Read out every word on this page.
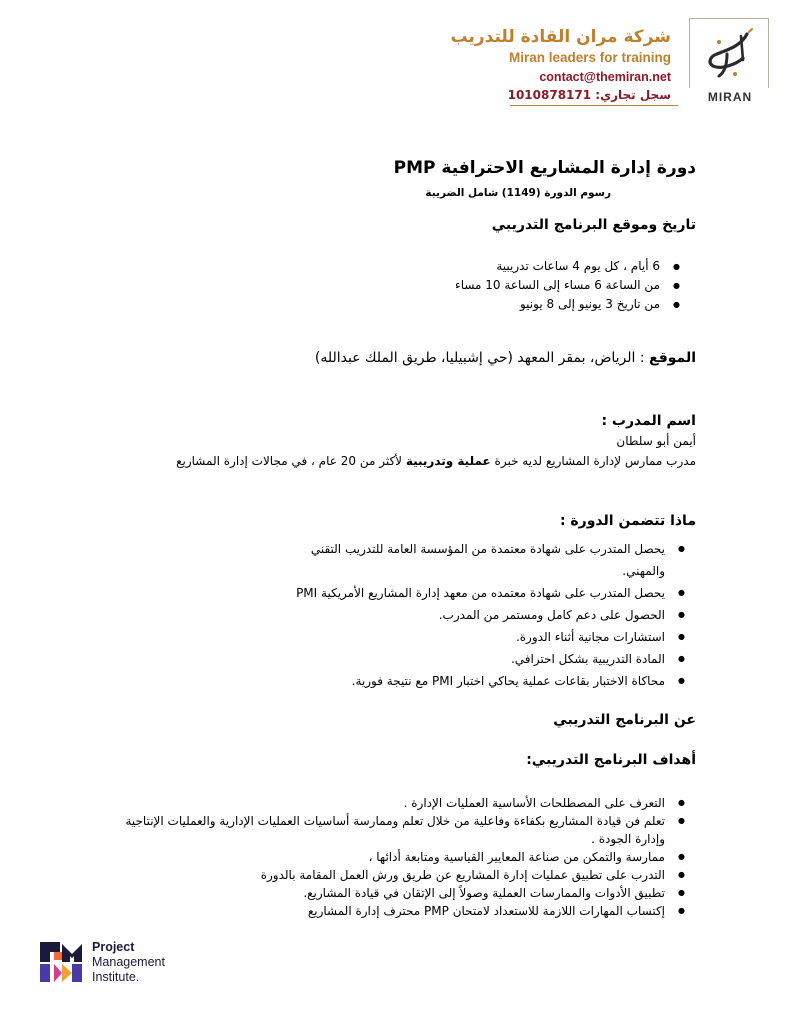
شركة مران القادة للتدريب
Miran leaders for training
contact@themiran.net
سجل تجاري: 1010878171	MIRAN
دورة إدارة المشاريع الاحترافية PMP
رسوم الدورة (1149) شامل الضريبة
تاريخ وموقع البرنامج التدريبي
● 6 أيام ، كل يوم 4 ساعات تدريبية
● من الساعة 6 مساء إلى الساعة 10 مساء
● من تاريخ 3 يونيو إلى 8 يونيو
الموقع : الرياض، بمقر المعهد (حي إشبيليا، طريق الملك عبدالله)
اسم المدرب :
أيمن أبو سلطان
مدرب ممارس لإدارة المشاريع لديه خبرة عملية وتدريبية لأكثر من 20 عام ، في مجالات إدارة المشاريع
ماذا تتضمن الدورة :
● يحصل المتدرب على شهادة معتمدة من المؤسسة العامة للتدريب التقني والمهني.
● يحصل المتدرب على شهادة معتمده من معهد إدارة المشاريع الأمريكية PMI
● الحصول على دعم كامل ومستمر من المدرب.
● استشارات مجانية أثناء الدورة.
● المادة التدريبية بشكل احترافي.
● محاكاة الاختبار بقاعات عملية يحاكي اختبار PMI مع نتيجة فورية.
عن البرنامج التدريبي
أهداف البرنامج التدريبي:
● التعرف على المصطلحات الأساسية العمليات الإدارة .
● تعلم فن قيادة المشاريع بكفاءة وفاعلية من خلال تعلم وممارسة أساسيات العمليات الإدارية والعمليات الإنتاجية وإدارة الجودة .
● ممارسة والتمكن من صناعة المعايير القياسية ومتابعة أدائها ،
● التدرب على تطبيق عمليات إدارة المشاريع عن طريق ورش العمل المقامة بالدورة
● تطبيق الأدوات والممارسات العملية وصولاً إلى الإتقان في قيادة المشاريع.
● إكتساب المهارات اللازمة للاستعداد لامتحان PMP محترف إدارة المشاريع
Project
Management
Institute.
